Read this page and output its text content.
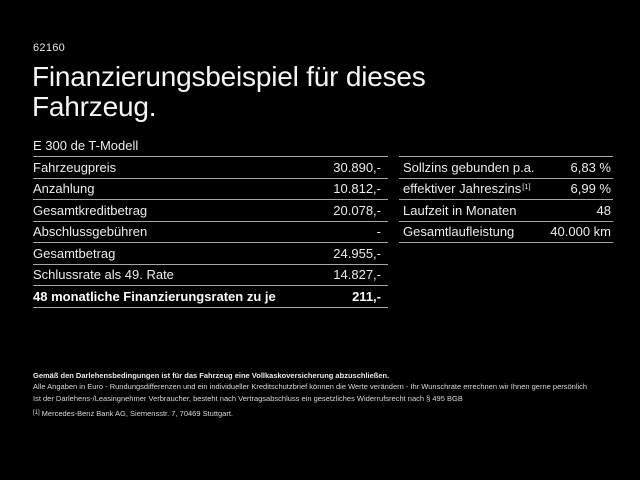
62160
Finanzierungsbeispiel für dieses
Fahrzeug.
E 300 de T-Modell
Fahrzeugpreis	30.890,-
Anzahlung	10.812,-
Gesamtkreditbetrag	20.078,-
Abschlussgebühren	-
Gesamtbetrag	24.955,-
Schlussrate als 49. Rate	14.827,-
48 monatliche Finanzierungsraten zu je	211,-
Sollzins gebunden p.a.	6,83 %
effektiver Jahreszins[1]	6,99 %
Laufzeit in Monaten	48
Gesamtlaufleistung	40.000 km
Gemäß den Darlehensbedingungen ist für das Fahrzeug eine Vollkaskoversicherung abzuschließen.
Alle Angaben in Euro - Rundungsdifferenzen und ein individueller Kreditschutzbrief können die Werte verändern - Ihr Wunschrate errechnen wir Ihnen gerne persönlich
Ist der Darlehens-/Leasingnehmer Verbraucher, besteht nach Vertragsabschluss ein gesetzliches Widerrufsrecht nach § 495 BGB
[1] Mercedes-Benz Bank AG, Siemensstr. 7, 70469 Stuttgart.
